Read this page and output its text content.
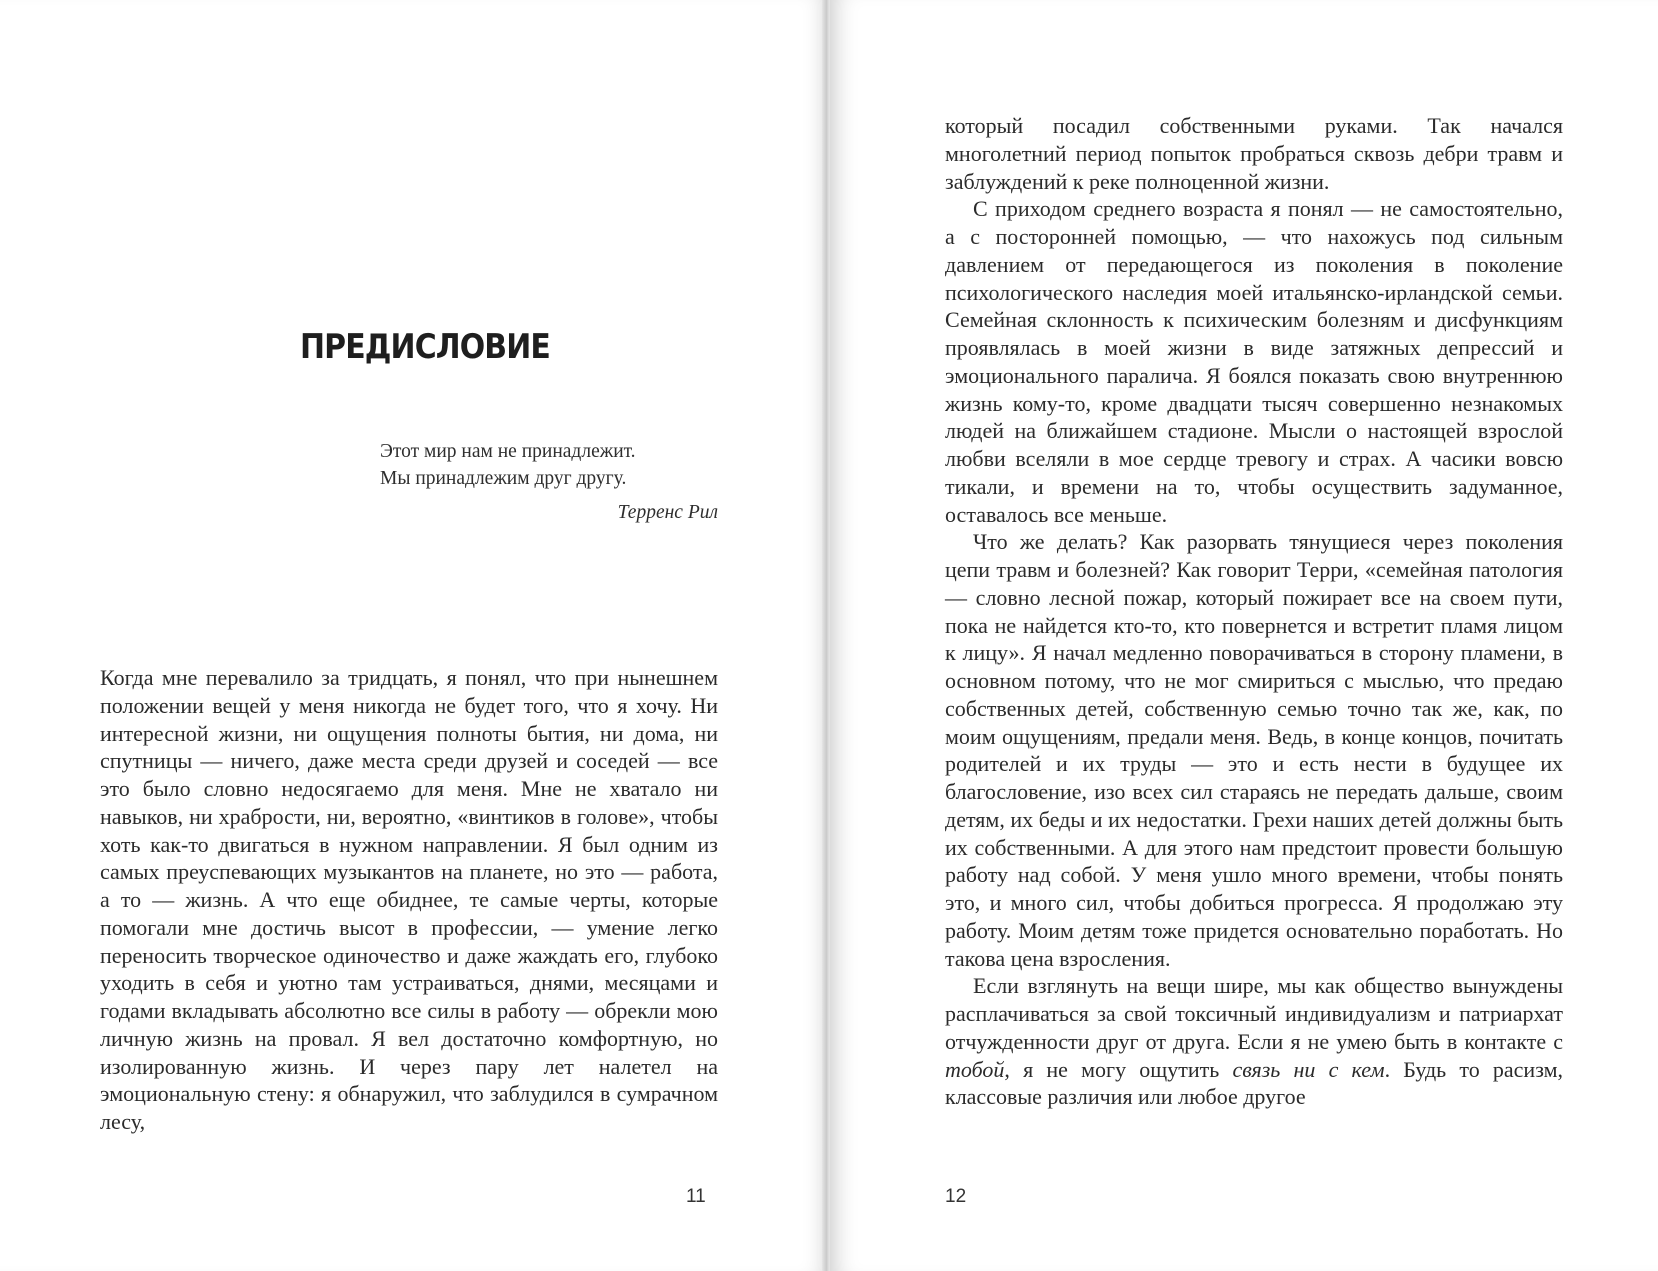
ПРЕДИСЛОВИЕ
Этот мир нам не принадлежит.
Мы принадлежим друг другу.
Терренс Рил

Когда мне перевалило за тридцать, я понял, что при нынешнем положении вещей у меня никогда не будет того, что я хочу. Ни интересной жизни, ни ощущения полноты бытия, ни дома, ни спутницы — ничего, даже места среди друзей и соседей — все это было словно недосягаемо для меня. Мне не хватало ни навыков, ни храбрости, ни, вероятно, «винтиков в голове», чтобы хоть как-то двигаться в нужном направлении. Я был одним из самых преуспевающих музыкантов на планете, но это — работа, а то — жизнь. А что еще обиднее, те самые черты, которые помогали мне достичь высот в профессии, — умение легко переносить творческое одиночество и даже жаждать его, глубоко уходить в себя и уютно там устраиваться, днями, месяцами и годами вкладывать абсолютно все силы в работу — обрекли мою личную жизнь на провал. Я вел достаточно комфортную, но изолированную жизнь. И через пару лет налетел на эмоциональную стену: я обнаружил, что заблудился в сумрачном лесу,

11

который посадил собственными руками. Так начался многолетний период попыток пробраться сквозь дебри травм и заблуждений к реке полноценной жизни.

С приходом среднего возраста я понял — не самостоятельно, а с посторонней помощью, — что нахожусь под сильным давлением от передающегося из поколения в поколение психологического наследия моей итальянско-ирландской семьи. Семейная склонность к психическим болезням и дисфункциям проявлялась в моей жизни в виде затяжных депрессий и эмоционального паралича. Я боялся показать свою внутреннюю жизнь кому-то, кроме двадцати тысяч совершенно незнакомых людей на ближайшем стадионе. Мысли о настоящей взрослой любви вселяли в мое сердце тревогу и страх. А часики вовсю тикали, и времени на то, чтобы осуществить задуманное, оставалось все меньше.

Что же делать? Как разорвать тянущиеся через поколения цепи травм и болезней? Как говорит Терри, «семейная патология — словно лесной пожар, который пожирает все на своем пути, пока не найдется кто-то, кто повернется и встретит пламя лицом к лицу». Я начал медленно поворачиваться в сторону пламени, в основном потому, что не мог смириться с мыслью, что предаю собственных детей, собственную семью точно так же, как, по моим ощущениям, предали меня. Ведь, в конце концов, почитать родителей и их труды — это и есть нести в будущее их благословение, изо всех сил стараясь не передать дальше, своим детям, их беды и их недостатки. Грехи наших детей должны быть их собственными. А для этого нам предстоит провести большую работу над собой. У меня ушло много времени, чтобы понять это, и много сил, чтобы добиться прогресса. Я продолжаю эту работу. Моим детям тоже придется основательно поработать. Но такова цена взросления.

Если взглянуть на вещи шире, мы как общество вынуждены расплачиваться за свой токсичный индивидуализм и патриархат отчужденности друг от друга. Если я не умею быть в контакте с тобой, я не могу ощутить связь ни с кем. Будь то расизм, классовые различия или любое другое

12
